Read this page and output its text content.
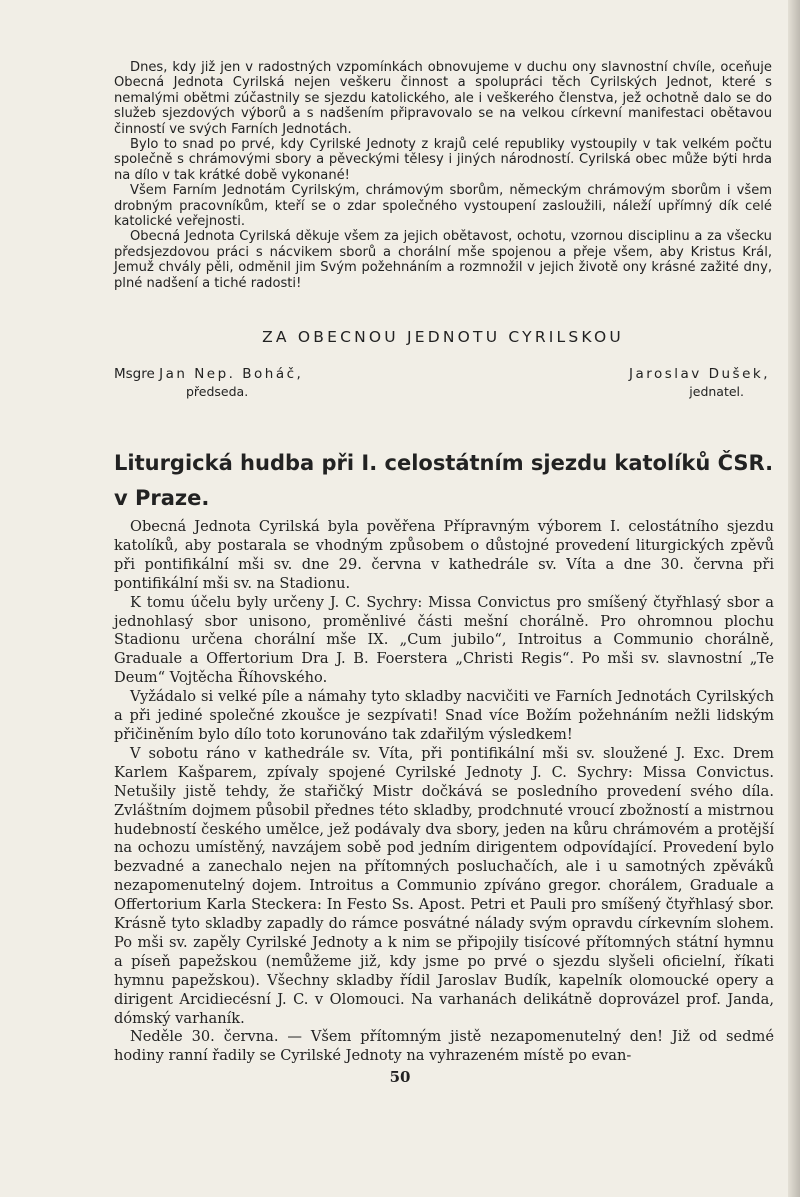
Dnes, kdy již jen v radostných vzpomínkách obnovujeme v duchu ony slavnostní chvíle, oceňuje Obecná Jednota Cyrilská nejen veškeru činnost a spolupráci těch Cyrilských Jednot, které s nemalými obětmi zúčastnily se sjezdu katolického, ale i veškerého členstva, jež ochotně dalo se do služeb sjezdových výborů a s nadšením připravovalo se na velkou církevní manifestaci obětavou činností ve svých Farních Jednotách.

Bylo to snad po prvé, kdy Cyrilské Jednoty z krajů celé republiky vystoupily v tak velkém počtu společně s chrámovými sbory a pěveckými tělesy i jiných národností. Cyrilská obec může býti hrda na dílo v tak krátké době vykonané!

Všem Farním Jednotám Cyrilským, chrámovým sborům, německým chrámovým sborům i všem drobným pracovníkům, kteří se o zdar společného vystoupení zasloužili, náleží upřímný dík celé katolické veřejnosti.

Obecná Jednota Cyrilská děkuje všem za jejich obětavost, ochotu, vzornou disciplinu a za všecku předsjezdovou práci s nácvikem sborů a chorální mše spojenou a přeje všem, aby Kristus Král, Jemuž chvály pěli, odměnil jim Svým požehnáním a rozmnožil v jejich životě ony krásné zažité dny, plné nadšení a tiché radosti!

ZA OBECNOU JEDNOTU CYRILSKOU
Msgre Jan Nep. Boháč,
předseda.
Jaroslav Dušek,
jednatel.
Liturgická hudba při I. celostátním sjezdu katolíků ČSR.
v Praze.

Obecná Jednota Cyrilská byla pověřena Přípravným výborem I. celostátního sjezdu katolíků, aby postarala se vhodným způsobem o důstojné provedení liturgických zpěvů při pontifikální mši sv. dne 29. června v kathedrále sv. Víta a dne 30. června při pontifikální mši sv. na Stadionu.

K tomu účelu byly určeny J. C. Sychry: Missa Convictus pro smíšený čtyřhlasý sbor a jednohlasý sbor unisono, proměnlivé části mešní chorálně. Pro ohromnou plochu Stadionu určena chorální mše IX. „Cum jubilo“, Introitus a Communio chorálně, Graduale a Offertorium Dra J. B. Foerstera „Christi Regis“. Po mši sv. slavnostní „Te Deum“ Vojtěcha Říhovského.

Vyžádalo si velké píle a námahy tyto skladby nacvičiti ve Farních Jednotách Cyrilských a při jediné společné zkoušce je sezpívati! Snad více Božím požehnáním nežli lidským přičiněním bylo dílo toto korunováno tak zdařilým výsledkem!

V sobotu ráno v kathedrále sv. Víta, při pontifikální mši sv. sloužené J. Exc. Drem Karlem Kašparem, zpívaly spojené Cyrilské Jednoty J. C. Sychry: Missa Convictus. Netušily jistě tehdy, že stařičký Mistr dočkává se posledního provedení svého díla. Zvláštním dojmem působil přednes této skladby, prodchnuté vroucí zbožností a mistrnou hudebností českého umělce, jež podávaly dva sbory, jeden na kůru chrámovém a protější na ochozu umístěný, navzájem sobě pod jedním dirigentem odpovídající. Provedení bylo bezvadné a zanechalo nejen na přítomných posluchačích, ale i u samotných zpěváků nezapomenutelný dojem. Introitus a Communio zpíváno gregor. chorálem, Graduale a Offertorium Karla Steckera: In Festo Ss. Apost. Petri et Pauli pro smíšený čtyřhlasý sbor. Krásně tyto skladby zapadly do rámce posvátné nálady svým opravdu církevním slohem. Po mši sv. zapěly Cyrilské Jednoty a k nim se připojily tisícové přítomných státní hymnu a píseň papežskou (nemůžeme již, kdy jsme po prvé o sjezdu slyšeli oficielní, říkati hymnu papežskou). Všechny skladby řídil Jaroslav Budík, kapelník olomoucké opery a dirigent Arcidiecésní J. C. v Olomouci. Na varhanách delikátně doprovázel prof. Janda, dómský varhaník.

Neděle 30. června. — Všem přítomným jistě nezapomenutelný den! Již od sedmé hodiny ranní řadily se Cyrilské Jednoty na vyhrazeném místě po evan-

50
